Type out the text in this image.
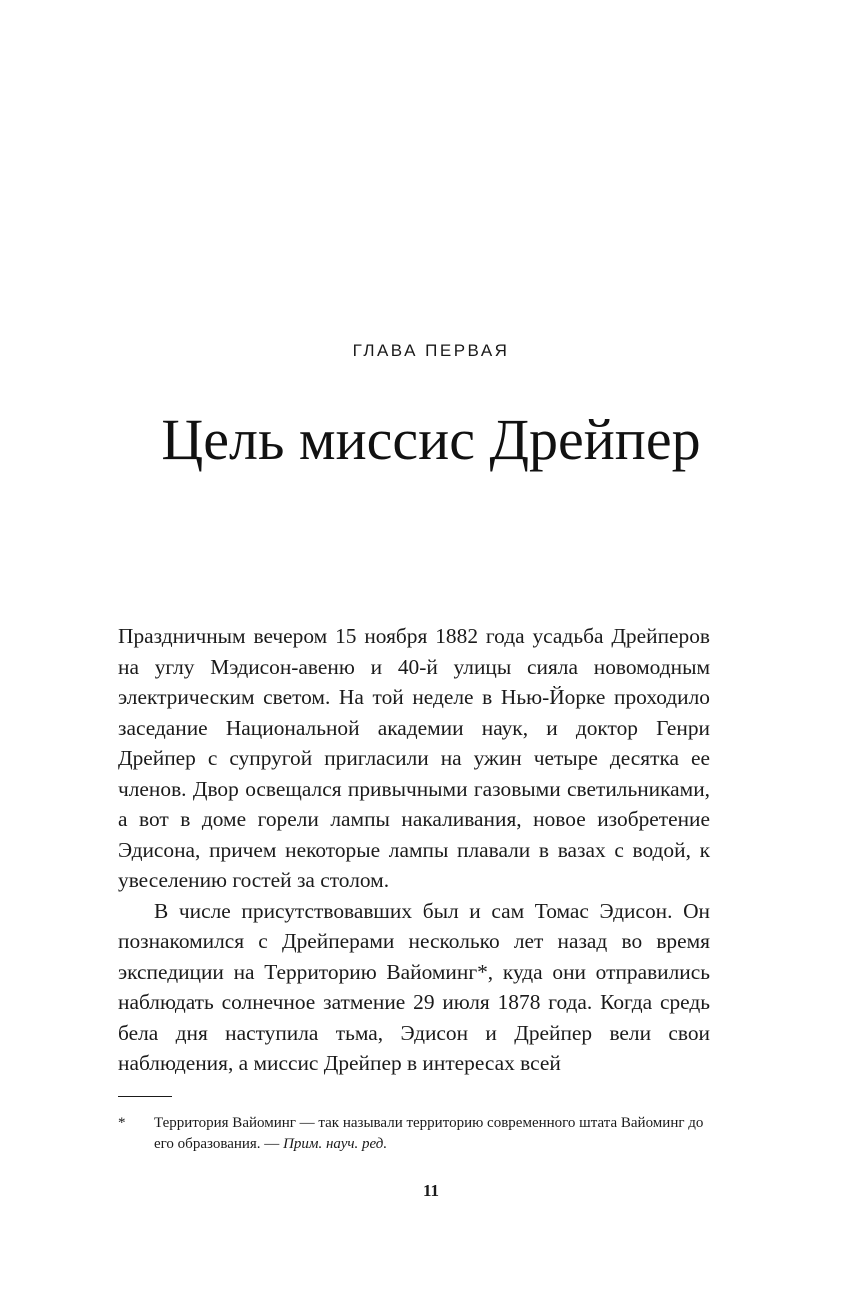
ГЛАВА ПЕРВАЯ
Цель миссис Дрейпер

Праздничным вечером 15 ноября 1882 года усадьба Дрейперов на углу Мэдисон-авеню и 40-й улицы сияла новомодным электрическим светом. На той неделе в Нью-Йорке проходило заседание Национальной академии наук, и доктор Генри Дрейпер с супругой пригласили на ужин четыре десятка ее членов. Двор освещался привычными газовыми светильниками, а вот в доме горели лампы накаливания, новое изобретение Эдисона, причем некоторые лампы плавали в вазах с водой, к увеселению гостей за столом.

В числе присутствовавших был и сам Томас Эдисон. Он познакомился с Дрейперами несколько лет назад во время экспедиции на Территорию Вайоминг*, куда они отправились наблюдать солнечное затмение 29 июля 1878 года. Когда средь бела дня наступила тьма, Эдисон и Дрейпер вели свои наблюдения, а миссис Дрейпер в интересах всей

* Территория Вайоминг — так называли территорию современного штата Вайоминг до его образования. — Прим. науч. ред.
11
